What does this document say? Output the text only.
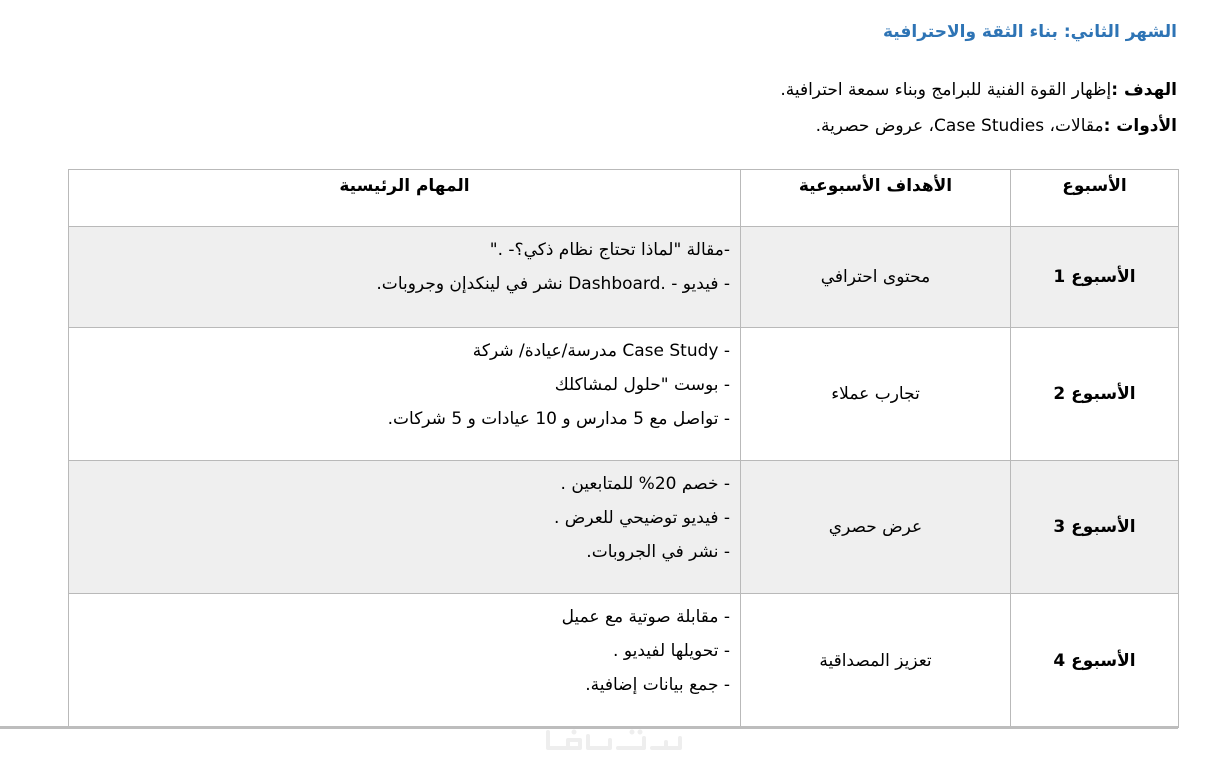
الشهر الثاني: بناء الثقة والاحترافية
الهدف :إظهار القوة الفنية للبرامج وبناء سمعة احترافية.
الأدوات :مقالات، Case Studies، عروض حصرية.
الأسبوع	الأهداف الأسبوعية	المهام الرئيسية
الأسبوع 1	محتوى احترافي	-مقالة "لماذا تحتاج نظام ذكي؟- ."
- فيديو - .Dashboard نشر في لينكدإن وجروبات.

الأسبوع 2	تجارب عملاء	- Case Study مدرسة/عيادة/ شركة
- بوست "حلول لمشاكلك
- تواصل مع 5 مدارس و 10 عيادات و 5 شركات.

الأسبوع 3	عرض حصري	- خصم 20% للمتابعين .
- فيديو توضيحي للعرض .
- نشر في الجروبات.

الأسبوع 4	تعزيز المصداقية	- مقابلة صوتية مع عميل
- تحويلها لفيديو .
- جمع بيانات إضافية.
